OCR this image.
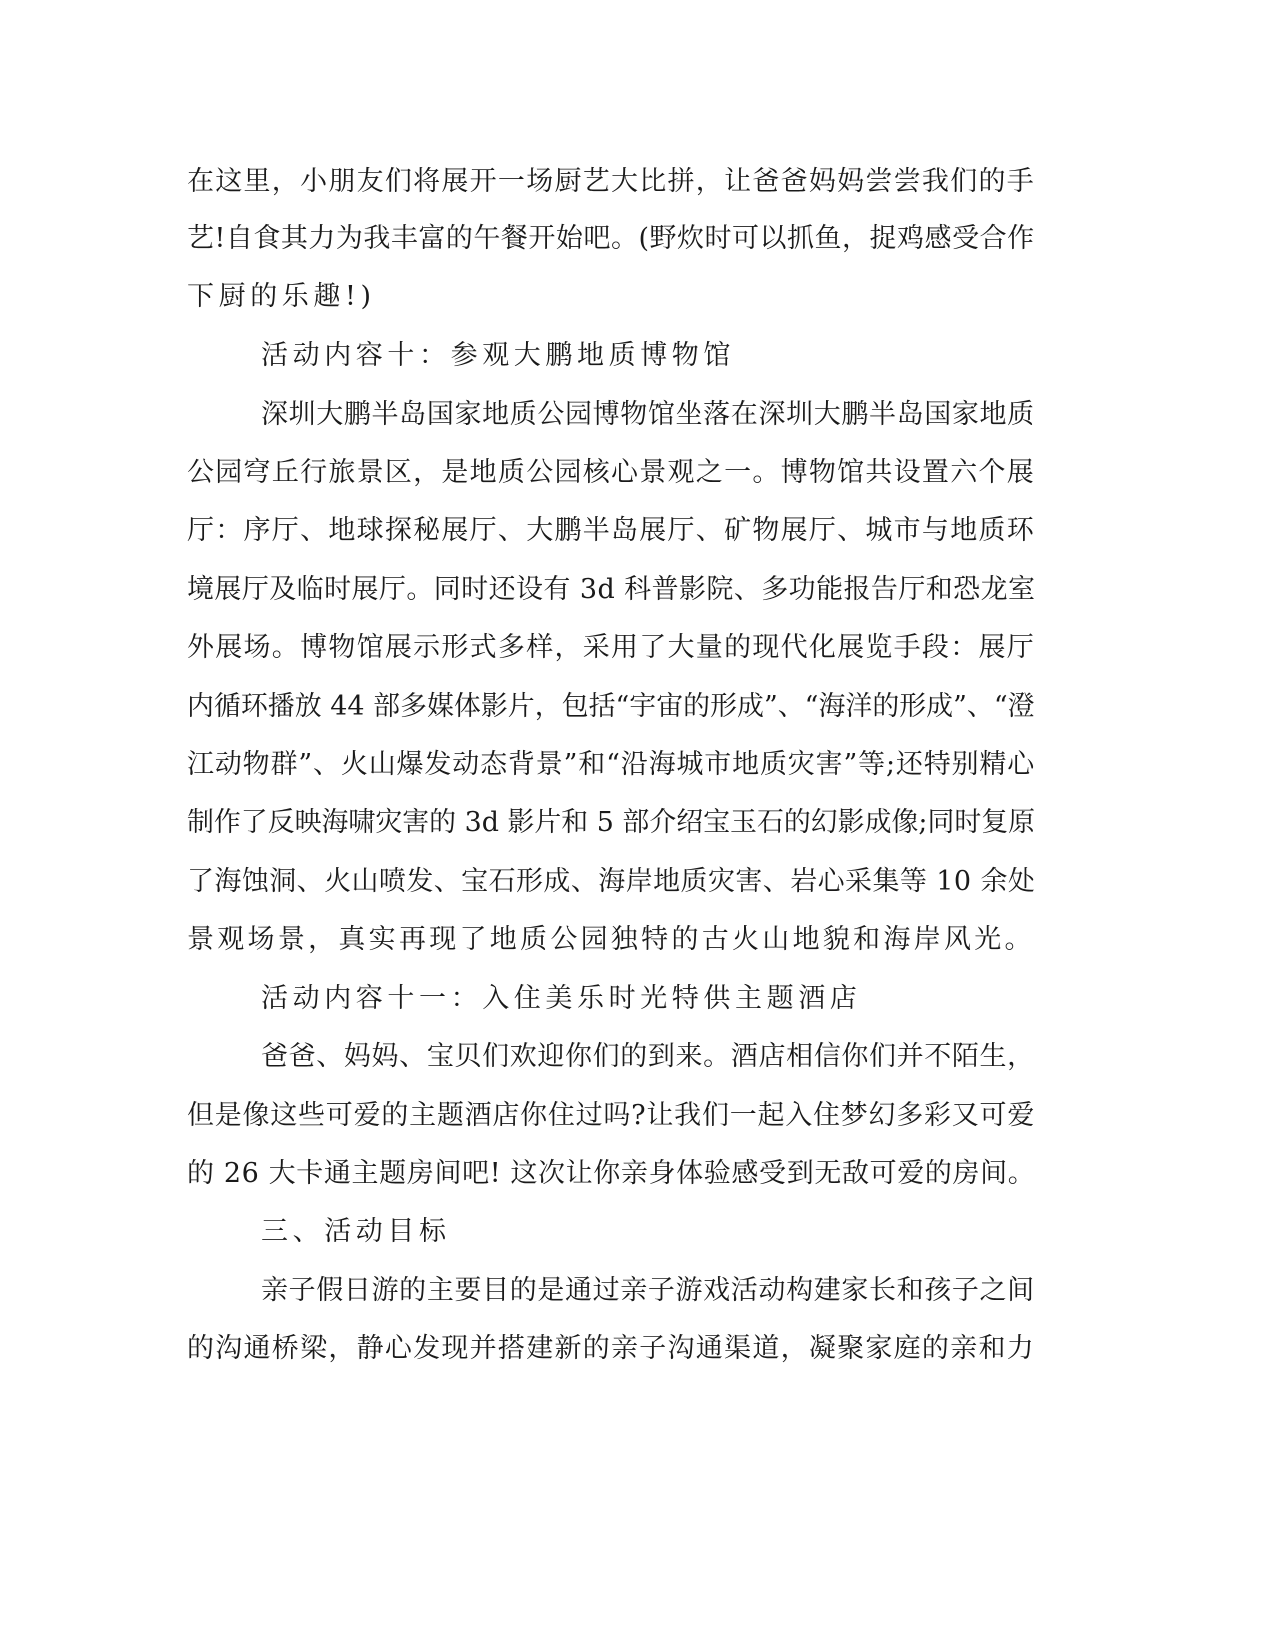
在这里，小朋友们将展开一场厨艺大比拼，让爸爸妈妈尝尝我们的手

艺!自食其力为我丰富的午餐开始吧。(野炊时可以抓鱼，捉鸡感受合作

下厨的乐趣!)

活动内容十：参观大鹏地质博物馆

深圳大鹏半岛国家地质公园博物馆坐落在深圳大鹏半岛国家地质

公园穹丘行旅景区，是地质公园核心景观之一。博物馆共设置六个展

厅：序厅、地球探秘展厅、大鹏半岛展厅、矿物展厅、城市与地质环

境展厅及临时展厅。同时还设有 3d 科普影院、多功能报告厅和恐龙室

外展场。博物馆展示形式多样，采用了大量的现代化展览手段：展厅

内循环播放 44 部多媒体影片，包括“宇宙的形成”、“海洋的形成”、“澄

江动物群”、火山爆发动态背景”和“沿海城市地质灾害”等;还特别精心

制作了反映海啸灾害的 3d 影片和 5 部介绍宝玉石的幻影成像;同时复原

了海蚀洞、火山喷发、宝石形成、海岸地质灾害、岩心采集等 10 余处

景观场景，真实再现了地质公园独特的古火山地貌和海岸风光。

活动内容十一：入住美乐时光特供主题酒店

爸爸、妈妈、宝贝们欢迎你们的到来。酒店相信你们并不陌生，

但是像这些可爱的主题酒店你住过吗?让我们一起入住梦幻多彩又可爱

的 26 大卡通主题房间吧! 这次让你亲身体验感受到无敌可爱的房间。

三、活动目标

亲子假日游的主要目的是通过亲子游戏活动构建家长和孩子之间

的沟通桥梁，静心发现并搭建新的亲子沟通渠道，凝聚家庭的亲和力
